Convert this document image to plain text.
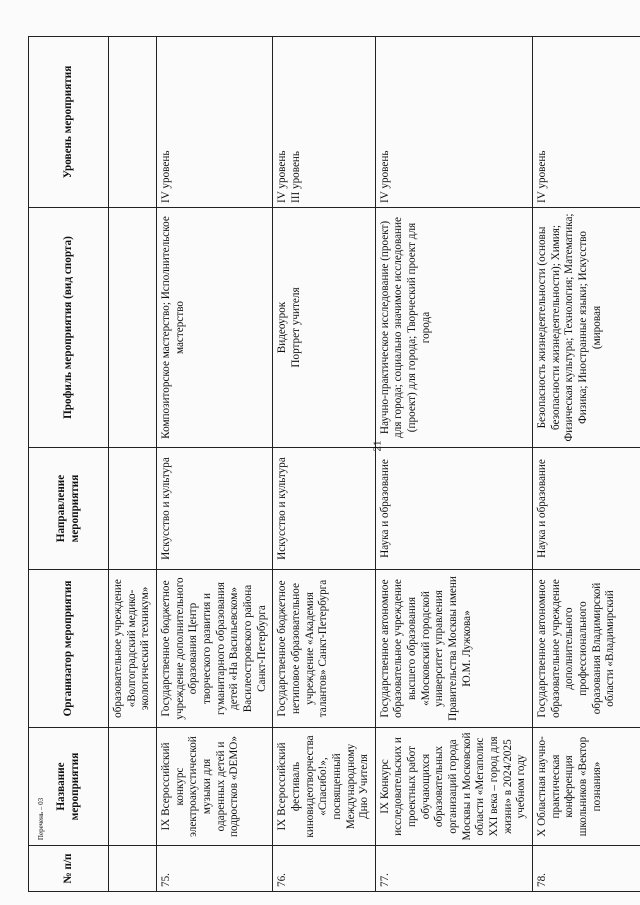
№ п/п	Название мероприятия	Организатор мероприятия	Направление мероприятия	Профиль мероприятия (вид спорта)	Уровень мероприятия
		образовательное учреждение «Волгоградский медико-экологический техникум»			
75.	IX Всероссийский конкурс электроакустической музыки для одаренных детей и подростков «DEMO»	Государственное бюджетное учреждение дополнительного образования Центр творческого развития и гуманитарного образования детей «На Васильевском» Василеостровского района Санкт-Петербурга	Искусство и культура	Композиторское мастерство; Исполнительское мастерство	IV уровень
76.	IX Всероссийский фестиваль киновидеотворчества «Спасибо!», посвященный Международному Дню Учителя	Государственное бюджетное нетиповое образовательное учреждение «Академия талантов» Санкт-Петербурга	Искусство и культура	Видеоурок Портрет учителя	IV уровень III уровень

77.	IX Конкурс исследовательских и проектных работ обучающихся образовательных организаций города Москвы и Московской области «Мегаполис XXI века – город для жизни» в 2024/2025 учебном году	Государственное автономное образовательное учреждение высшего образования «Московский городской университет управления Правительства Москвы имени Ю.М. Лужкова»	Наука и образование	Научно-практическое исследование (проект) для города; социально значимое исследование (проект) для города; Творческий проект для города	IV уровень
78.	X Областная научно-практическая конференция школьников «Вектор познания»	Государственное автономное образовательное учреждение дополнительного профессионального образования Владимирской области «Владимирский	Наука и образование	Безопасность жизнедеятельности (основы безопасности жизнедеятельности); Химия; Физическая культура; Технология; Математика; Физика; Иностранные языки; Искусство (мировая	IV уровень
21
Перечень – 03
